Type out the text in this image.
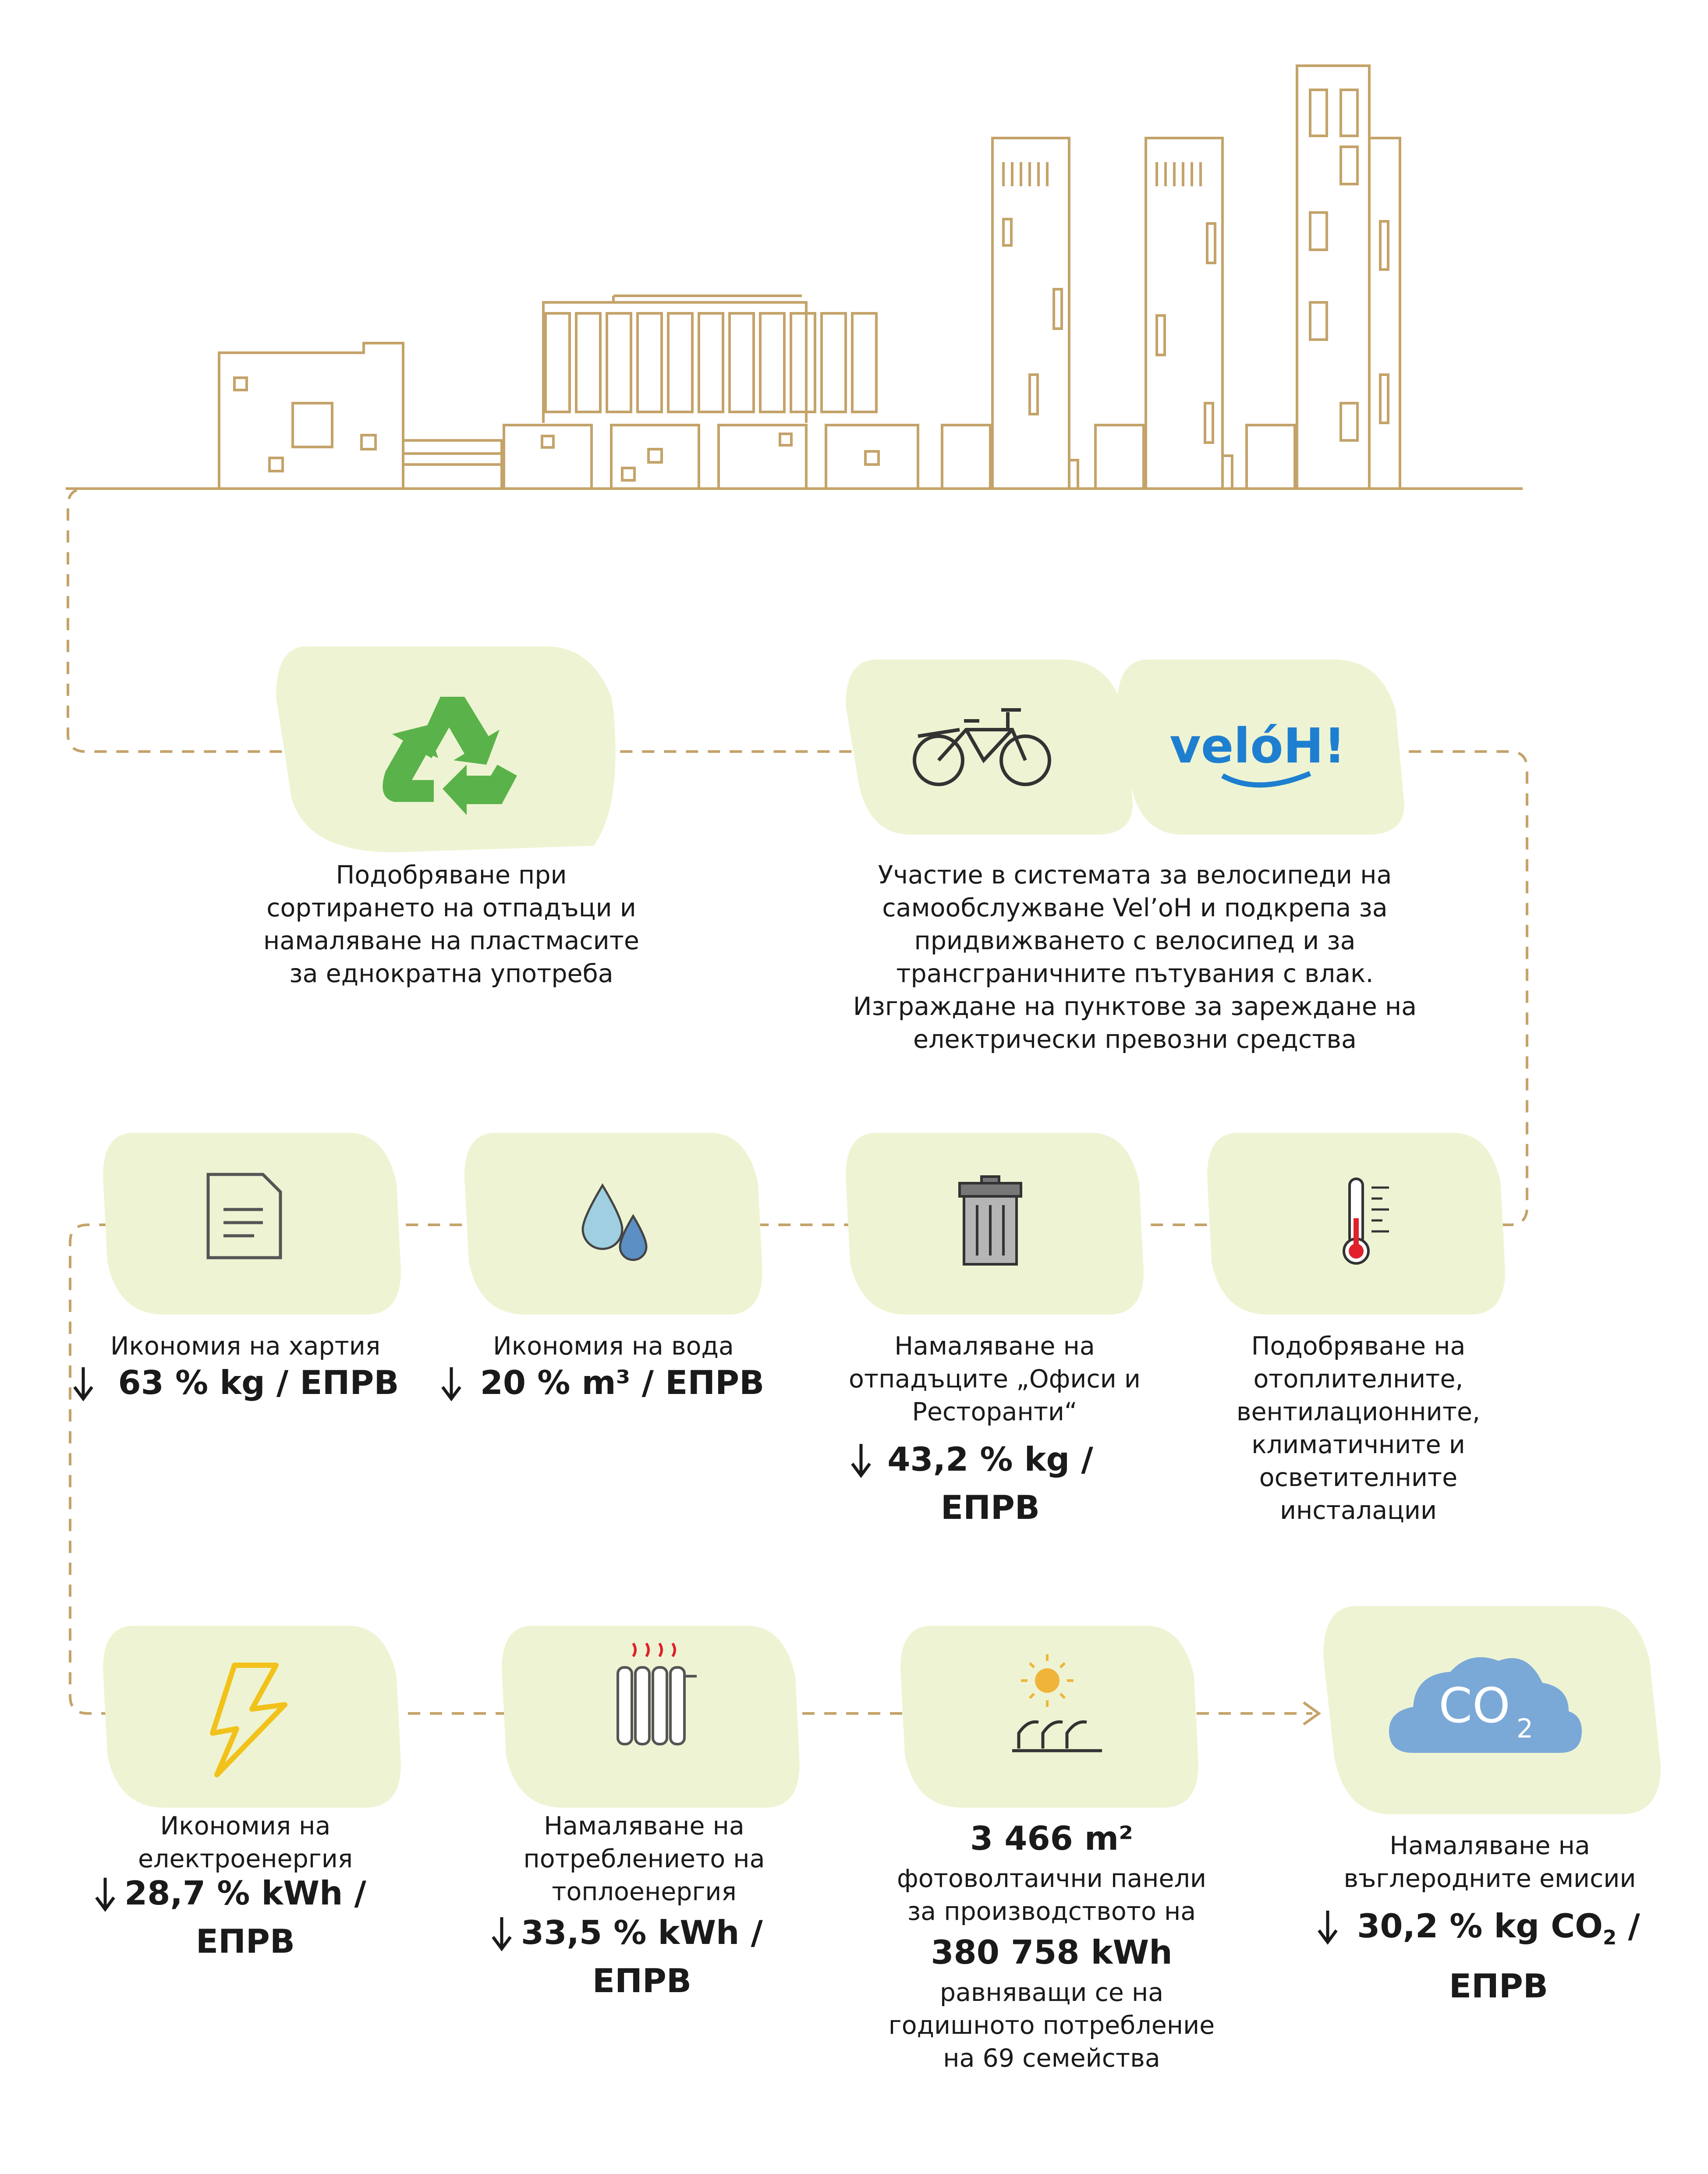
velóH!
CO 2
Подобряване при
сортирането на отпадъци и
намаляване на пластмасите
за еднократна употреба
Участие в системата за велосипеди на
самообслужване Vel’oH и подкрепа за
придвижването с велосипед и за
трансграничните пътувания с влак.
Изграждане на пунктове за зареждане на
електрически превозни средства
Икономия на хартия
63 % kg / ЕПРВ
Икономия на вода
20 % m³ / ЕПРВ
Намаляване на
отпадъците „Офиси и
Ресторанти“
43,2 % kg /
ЕПРВ
Подобряване на
отоплителните,
вентилационните,
климатичните и
осветителните
инсталации
Икономия на
електроенергия
28,7 % kWh /
ЕПРВ
Намаляване на
потреблението на
топлоенергия
33,5 % kWh /
ЕПРВ
3 466 m²
фотоволтаични панели
за производството на
380 758 kWh
равняващи се на
годишното потребление
на 69 семейства
Намаляване на
въглеродните емисии
30,2 % kg $CO_2$ /
ЕПРВ
